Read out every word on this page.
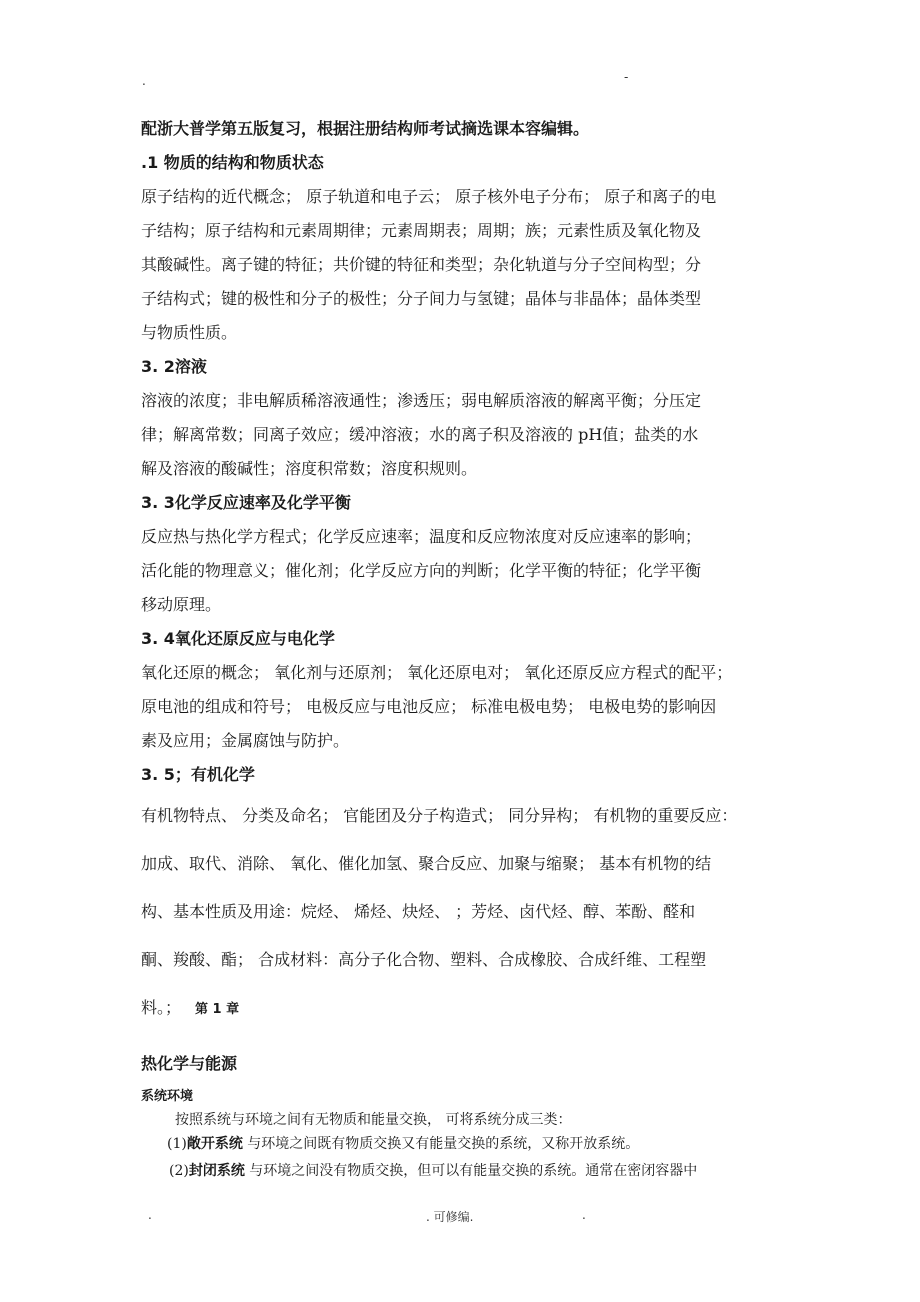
.	-
配浙大普学第五版复习，根据注册结构师考试摘选课本容编辑。
.1 物质的结构和物质状态
原子结构的近代概念； 原子轨道和电子云； 原子核外电子分布； 原子和离子的电
子结构；原子结构和元素周期律；元素周期表；周期；族；元素性质及氧化物及
其酸碱性。离子键的特征；共价键的特征和类型；杂化轨道与分子空间构型；分
子结构式；键的极性和分子的极性；分子间力与氢键；晶体与非晶体；晶体类型
与物质性质。
3. 2溶液
溶液的浓度；非电解质稀溶液通性；渗透压；弱电解质溶液的解离平衡；分压定
律；解离常数；同离子效应；缓冲溶液；水的离子积及溶液的 pH值；盐类的水
解及溶液的酸碱性；溶度积常数；溶度积规则。
3. 3化学反应速率及化学平衡
反应热与热化学方程式；化学反应速率；温度和反应物浓度对反应速率的影响；
活化能的物理意义；催化剂；化学反应方向的判断；化学平衡的特征；化学平衡
移动原理。
3. 4氧化还原反应与电化学
氧化还原的概念； 氧化剂与还原剂； 氧化还原电对； 氧化还原反应方程式的配平；
原电池的组成和符号； 电极反应与电池反应； 标准电极电势； 电极电势的影响因
素及应用；金属腐蚀与防护。
3. 5；有机化学
有机物特点、 分类及命名； 官能团及分子构造式； 同分异构； 有机物的重要反应：
加成、取代、消除、 氧化、催化加氢、聚合反应、加聚与缩聚； 基本有机物的结
构、基本性质及用途：烷烃、 烯烃、炔烃、 ；芳烃、卤代烃、醇、苯酚、醛和
酮、羧酸、酯； 合成材料：高分子化合物、塑料、合成橡胶、合成纤维、工程塑
料。； 第 1 章
热化学与能源
系统环境
按照系统与环境之间有无物质和能量交换， 可将系统分成三类：
(1)敞开系统 与环境之间既有物质交换又有能量交换的系统，又称开放系统。
(2)封闭系统 与环境之间没有物质交换，但可以有能量交换的系统。通常在密闭容器中
.	. 可修编.	.
